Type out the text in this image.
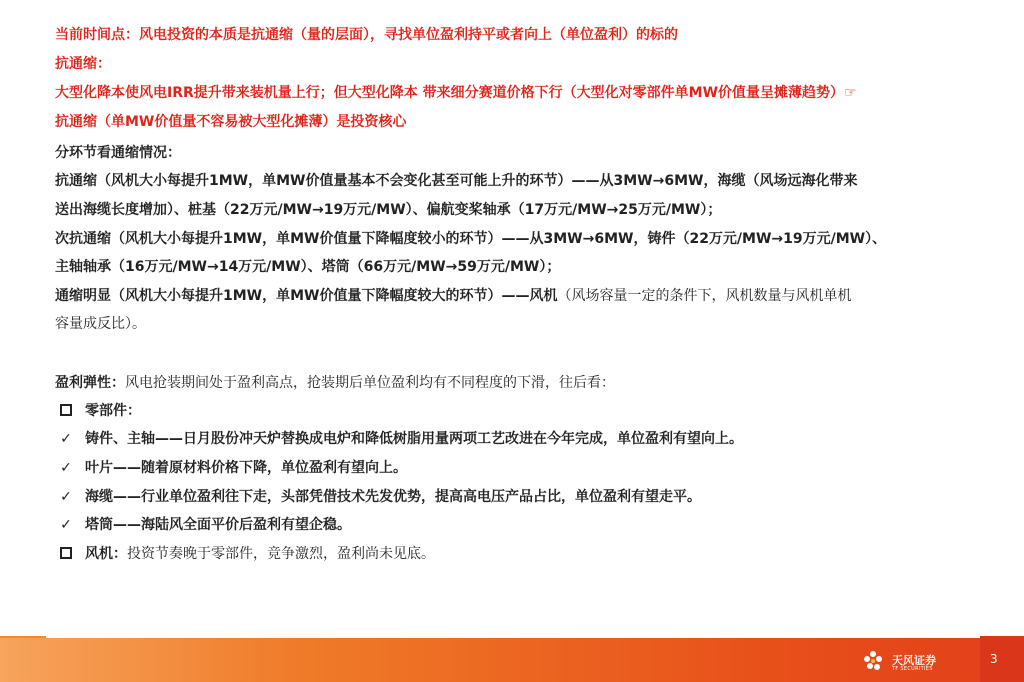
当前时间点：风电投资的本质是抗通缩（量的层面），寻找单位盈利持平或者向上（单位盈利）的标的
抗通缩：
大型化降本使风电IRR提升带来装机量上行；但大型化降本 带来细分赛道价格下行（大型化对零部件单MW价值量呈摊薄趋势）☞
抗通缩（单MW价值量不容易被大型化摊薄）是投资核心
分环节看通缩情况：
抗通缩（风机大小每提升1MW，单MW价值量基本不会变化甚至可能上升的环节）——从3MW→6MW，海缆（风场远海化带来
送出海缆长度增加）、桩基（22万元/MW→19万元/MW）、偏航变桨轴承（17万元/MW→25万元/MW）；
次抗通缩（风机大小每提升1MW，单MW价值量下降幅度较小的环节）——从3MW→6MW，铸件（22万元/MW→19万元/MW）、
主轴轴承（16万元/MW→14万元/MW）、塔筒（66万元/MW→59万元/MW）；
通缩明显（风机大小每提升1MW，单MW价值量下降幅度较大的环节）——风机（风场容量一定的条件下，风机数量与风机单机
容量成反比）。
盈利弹性：风电抢装期间处于盈利高点，抢装期后单位盈利均有不同程度的下滑，往后看：
零部件：
✓ 铸件、主轴——日月股份冲天炉替换成电炉和降低树脂用量两项工艺改进在今年完成，单位盈利有望向上。
✓ 叶片——随着原材料价格下降，单位盈利有望向上。
✓ 海缆——行业单位盈利往下走，头部凭借技术先发优势，提高高电压产品占比，单位盈利有望走平。
✓ 塔筒——海陆风全面平价后盈利有望企稳。
风机：投资节奏晚于零部件，竞争激烈，盈利尚未见底。
天风证券
TF SECURITIES
3
